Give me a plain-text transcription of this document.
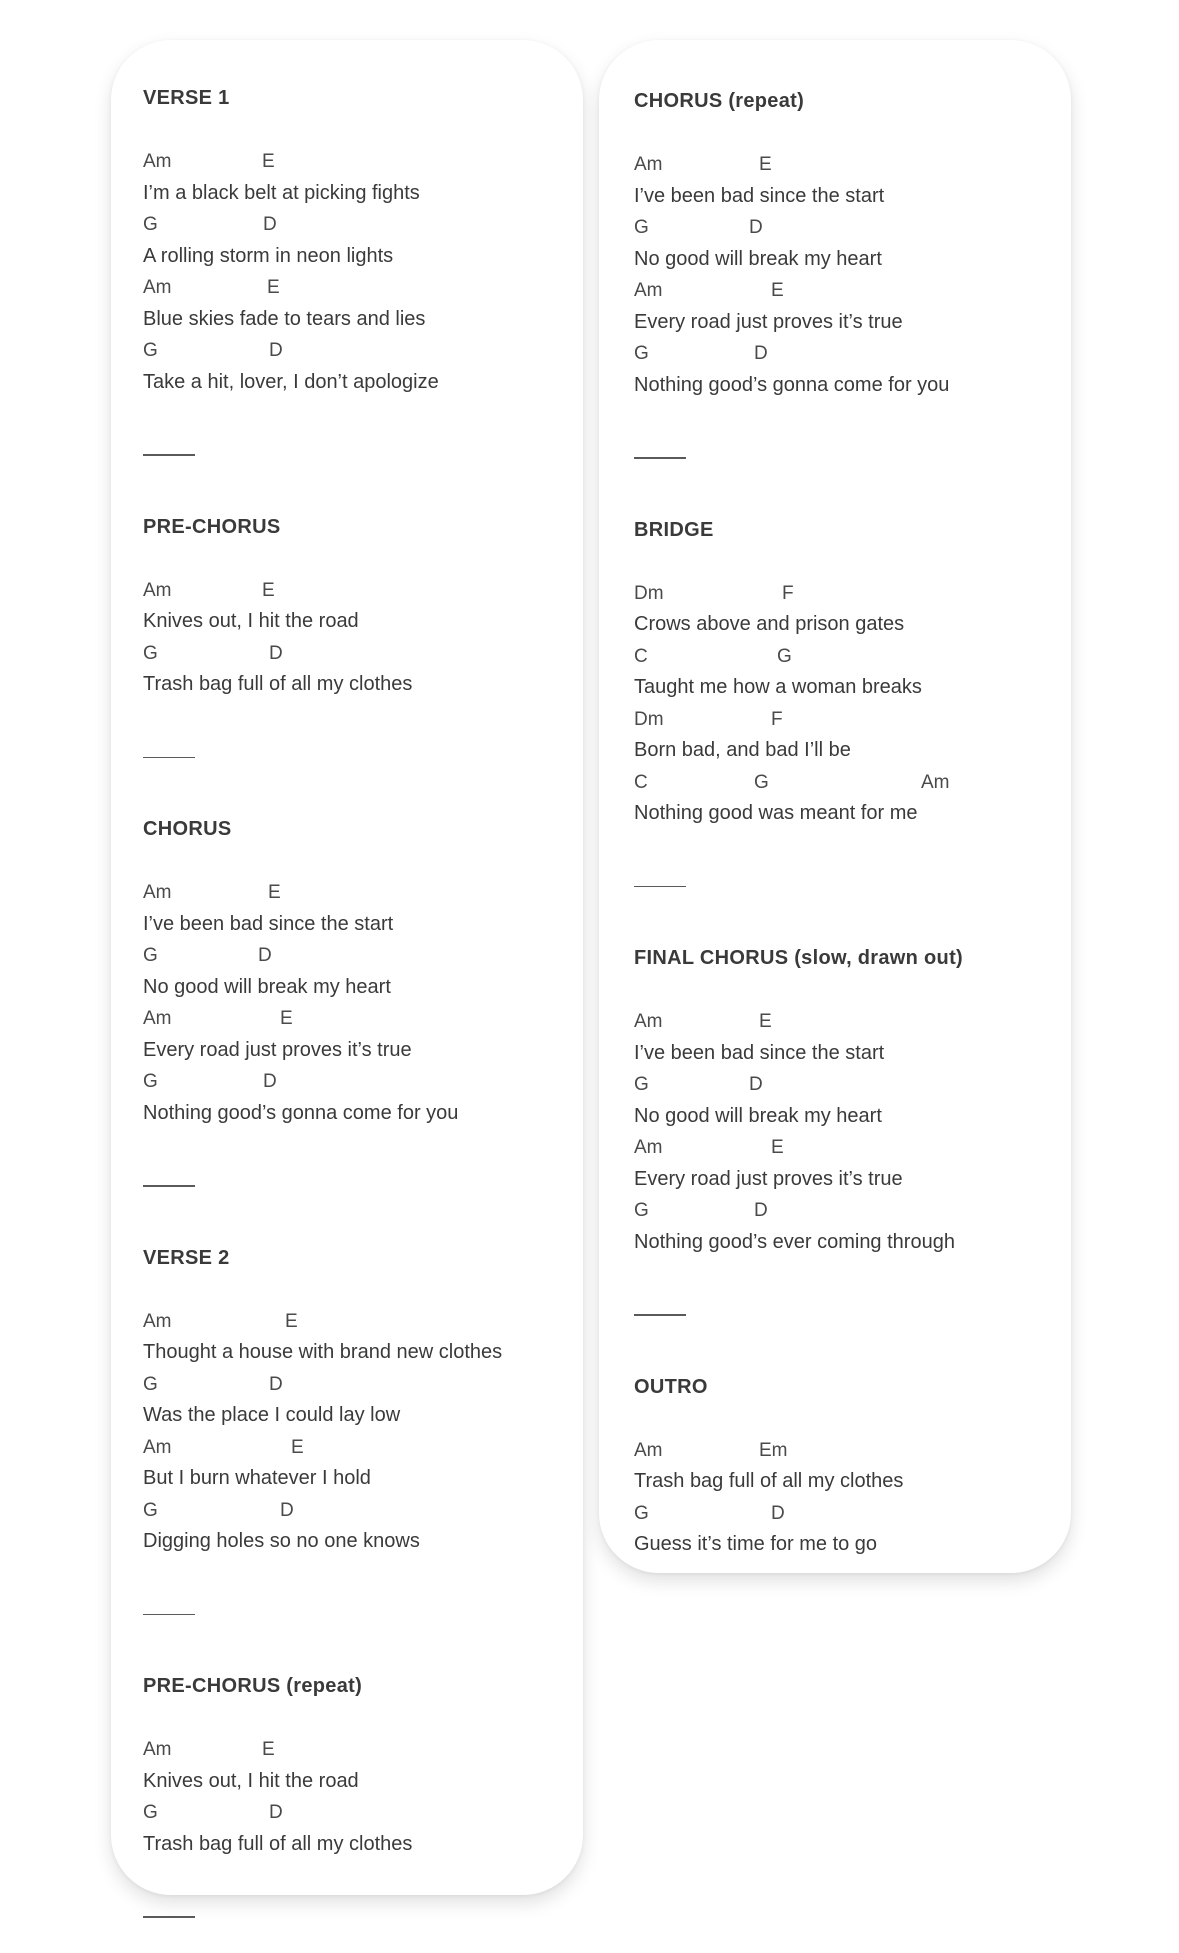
VERSE 1
Am	E
I’m a black belt at picking fights
G	D
A rolling storm in neon lights
Am	E
Blue skies fade to tears and lies
G	D
Take a hit, lover, I don’t apologize
PRE-CHORUS
Am	E
Knives out, I hit the road
G	D
Trash bag full of all my clothes
CHORUS
Am	E
I’ve been bad since the start
G	D
No good will break my heart
Am	E
Every road just proves it’s true
G	D
Nothing good’s gonna come for you
VERSE 2
Am	E
Thought a house with brand new clothes
G	D
Was the place I could lay low
Am	E
But I burn whatever I hold
G	D
Digging holes so no one knows
PRE-CHORUS (repeat)
Am	E
Knives out, I hit the road
G	D
Trash bag full of all my clothes
CHORUS (repeat)
Am	E
I’ve been bad since the start
G	D
No good will break my heart
Am	E
Every road just proves it’s true
G	D
Nothing good’s gonna come for you
BRIDGE
Dm	F
Crows above and prison gates
C	G
Taught me how a woman breaks
Dm	F
Born bad, and bad I’ll be
C	G	Am
Nothing good was meant for me
FINAL CHORUS (slow, drawn out)
Am	E
I’ve been bad since the start
G	D
No good will break my heart
Am	E
Every road just proves it’s true
G	D
Nothing good’s ever coming through
OUTRO
Am	Em
Trash bag full of all my clothes
G	D
Guess it’s time for me to go
